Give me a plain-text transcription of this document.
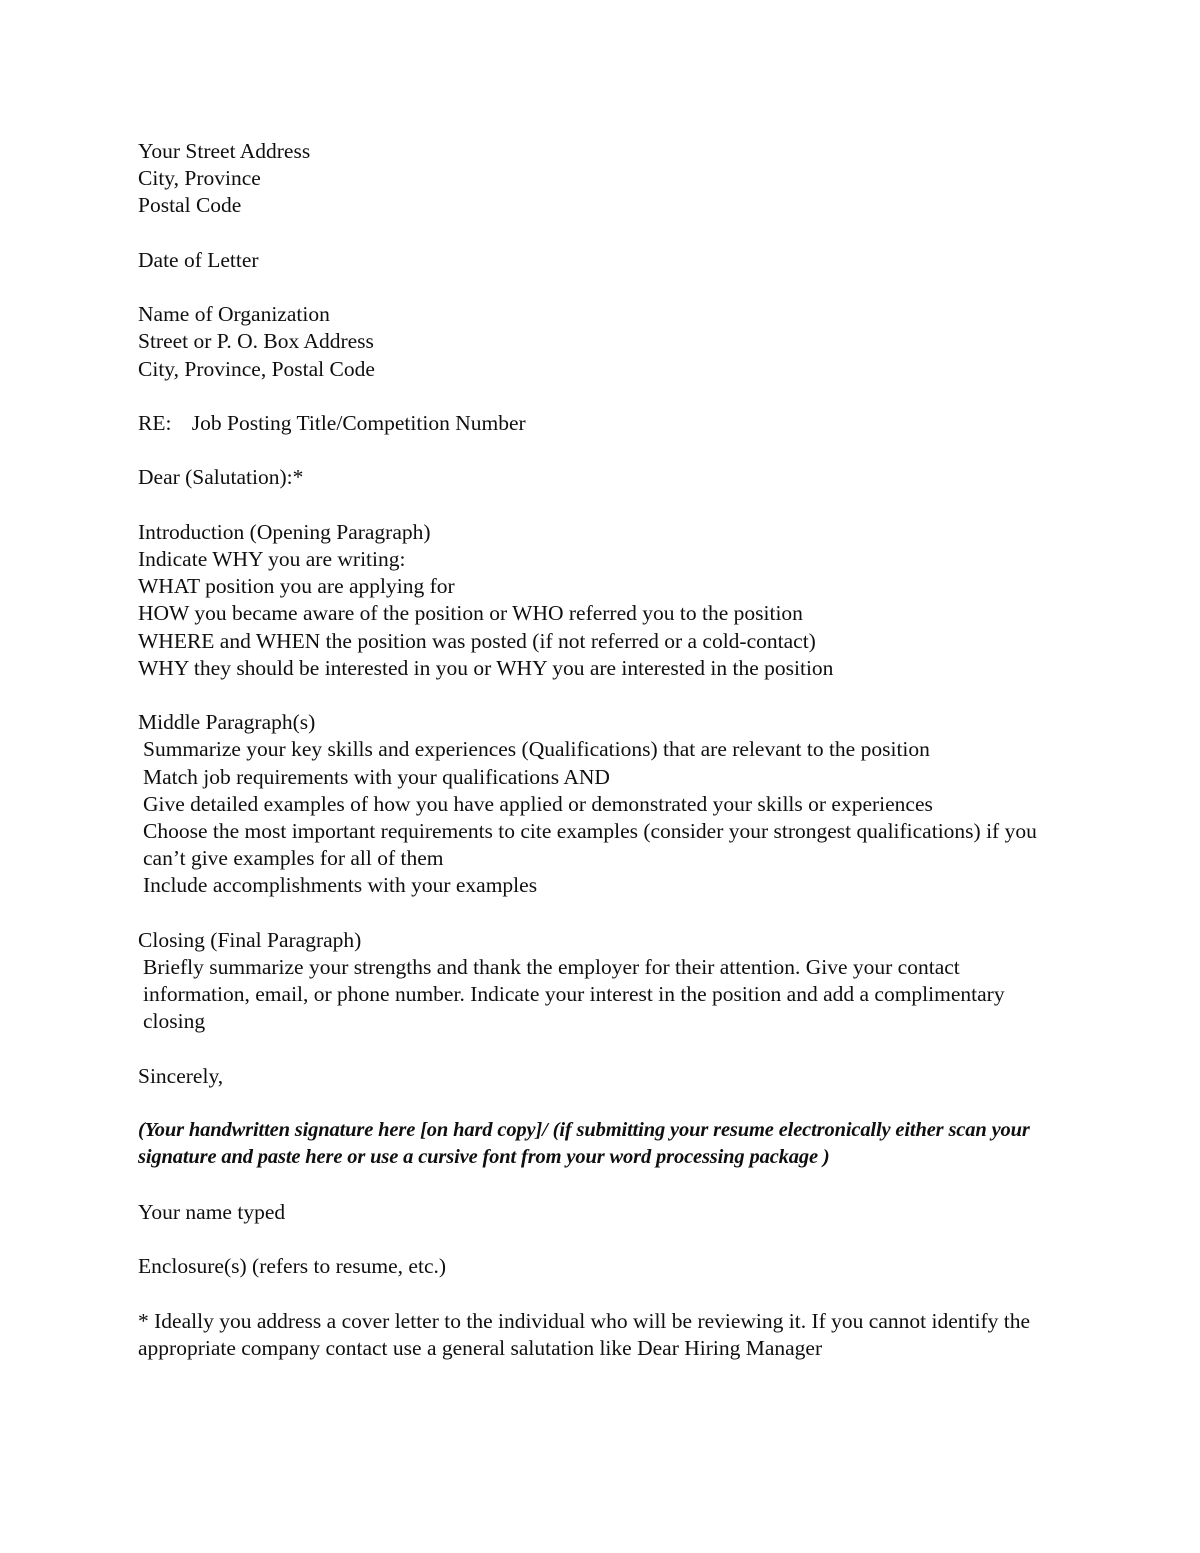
Your Street Address

City, Province

Postal Code

Date of Letter

Name of Organization

Street or P. O. Box Address

City, Province, Postal Code

RE:	Job Posting Title/Competition Number

Dear (Salutation):*

Introduction (Opening Paragraph)

Indicate WHY you are writing:

WHAT position you are applying for

HOW you became aware of the position or WHO referred you to the position

WHERE and WHEN the position was posted (if not referred or a cold-contact)

WHY they should be interested in you or WHY you are interested in the position

Middle Paragraph(s)

Summarize your key skills and experiences (Qualifications) that are relevant to the position

Match job requirements with your qualifications AND

Give detailed examples of how you have applied or demonstrated your skills or experiences

Choose the most important requirements to cite examples (consider your strongest qualifications) if you can’t give examples for all of them

Include accomplishments with your examples

Closing (Final Paragraph)

Briefly summarize your strengths and thank the employer for their attention. Give your contact information, email, or phone number. Indicate your interest in the position and add a complimentary closing

Sincerely,

(Your handwritten signature here [on hard copy]/ (if submitting your resume electronically either scan your signature and paste here or use a cursive font from your word processing package )

Your name typed

Enclosure(s) (refers to resume, etc.)

* Ideally you address a cover letter to the individual who will be reviewing it. If you cannot identify the appropriate company contact use a general salutation like Dear Hiring Manager
